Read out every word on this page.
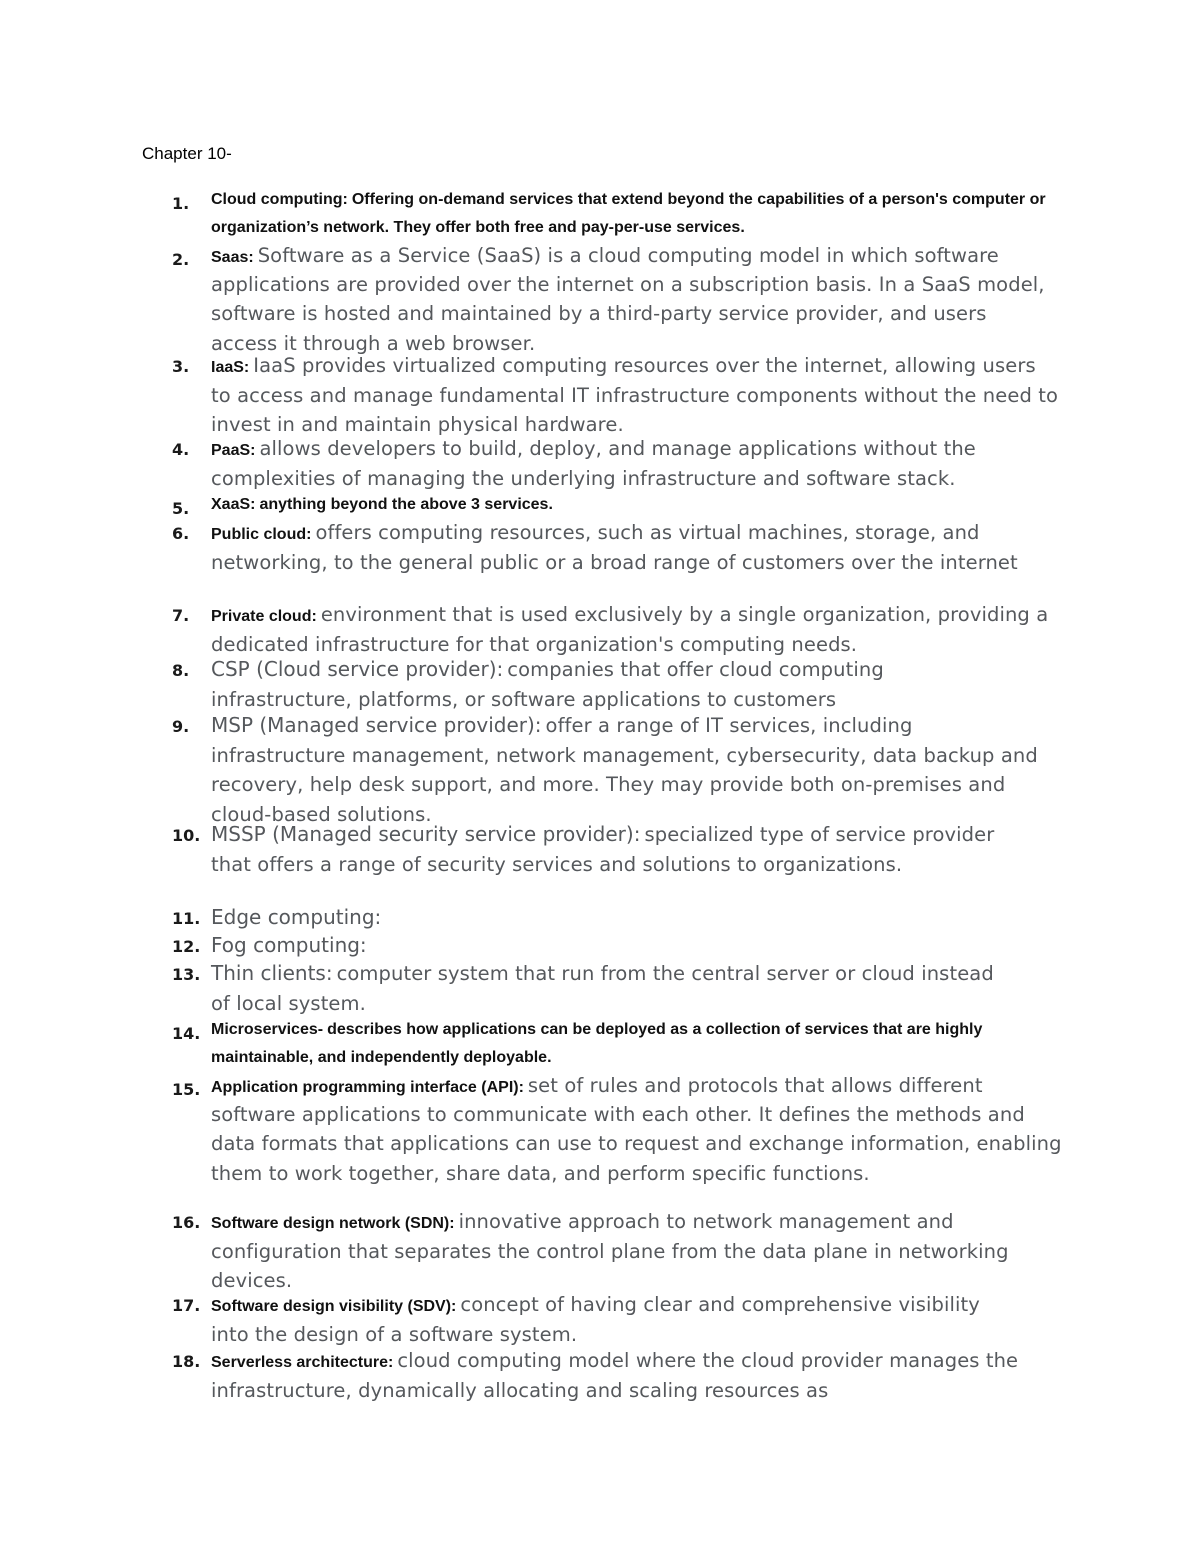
Chapter 10-
1.	Cloud computing: Offering on-demand services that extend beyond the capabilities of a person's computer or organization’s network. They offer both free and pay-per-use services.
2.	Saas: Software as a Service (SaaS) is a cloud computing model in which software applications are provided over the internet on a subscription basis. In a SaaS model, software is hosted and maintained by a third-party service provider, and users access it through a web browser.
3.	IaaS: IaaS provides virtualized computing resources over the internet, allowing users to access and manage fundamental IT infrastructure components without the need to invest in and maintain physical hardware.
4.	PaaS: allows developers to build, deploy, and manage applications without the complexities of managing the underlying infrastructure and software stack.
5.	XaaS: anything beyond the above 3 services.
6.	Public cloud: offers computing resources, such as virtual machines, storage, and networking, to the general public or a broad range of customers over the internet
7.	Private cloud: environment that is used exclusively by a single organization, providing a dedicated infrastructure for that organization's computing needs.
8.	CSP (Cloud service provider): companies that offer cloud computing infrastructure, platforms, or software applications to customers
9.	MSP (Managed service provider): offer a range of IT services, including infrastructure management, network management, cybersecurity, data backup and recovery, help desk support, and more. They may provide both on-premises and cloud-based solutions.
10. MSSP (Managed security service provider): specialized type of service provider that offers a range of security services and solutions to organizations.
11. Edge computing:
12. Fog computing:
13. Thin clients: computer system that run from the central server or cloud instead of local system.
14. Microservices- describes how applications can be deployed as a collection of services that are highly maintainable, and independently deployable.
15. Application programming interface (API): set of rules and protocols that allows different software applications to communicate with each other. It defines the methods and data formats that applications can use to request and exchange information, enabling them to work together, share data, and perform specific functions.
16. Software design network (SDN): innovative approach to network management and configuration that separates the control plane from the data plane in networking devices.
17. Software design visibility (SDV): concept of having clear and comprehensive visibility into the design of a software system.
18. Serverless architecture: cloud computing model where the cloud provider manages the infrastructure, dynamically allocating and scaling resources as
